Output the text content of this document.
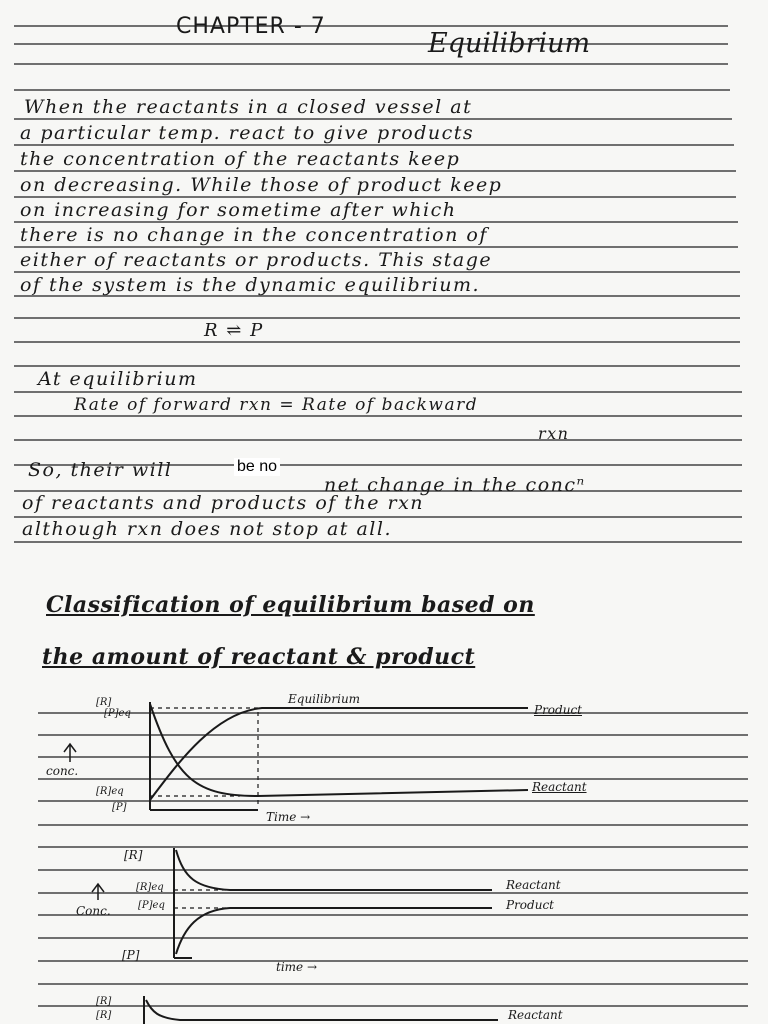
CHAPTER - 7
Equilibrium
When the reactants in a closed vessel at
a particular temp. react to give products
the concentration of the reactants keep
on decreasing. While those of product keep
on increasing for sometime after which
there is no change in the concentration of
either of reactants or products. This stage
of the system is the dynamic equilibrium.
R ⇌ P
At equilibrium
Rate of forward rxn = Rate of backward
rxn
So, their will	be no
net change in the concⁿ
of reactants and products of the rxn
although rxn does not stop at all.
Classification of equilibrium based on
the amount of reactant & product
[R]
[P]eq
conc.
[R]eq
[P]
Equilibrium
Product
Reactant
Time →
[R]
[R]eq
[P]eq
Conc.
[P]
Reactant
Product
time →
[R]
[R]	Reactant
